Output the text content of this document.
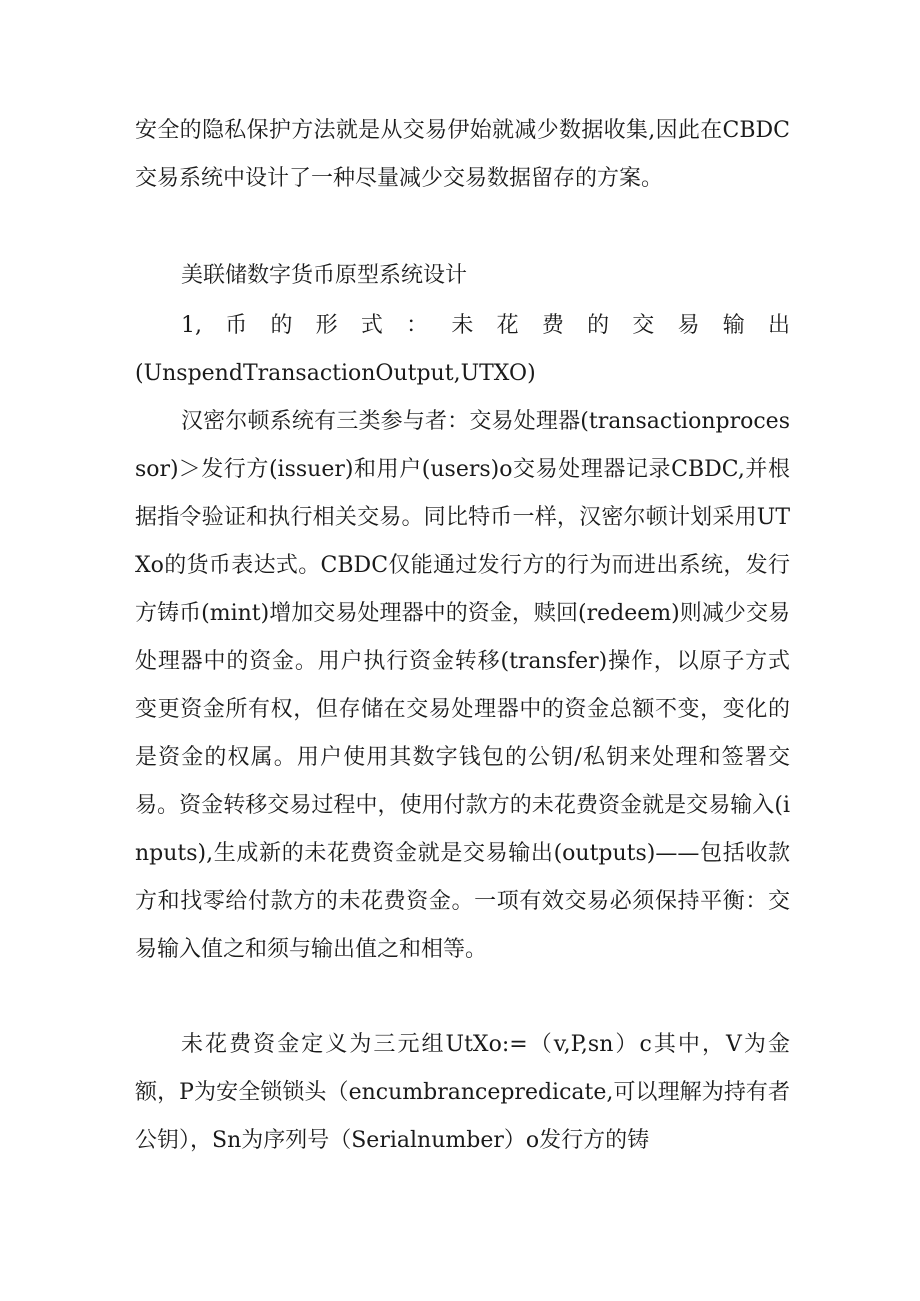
安全的隐私保护方法就是从交易伊始就减少数据收集,因此在CBDC交易系统中设计了一种尽量减少交易数据留存的方案。

美联储数字货币原型系统设计

1,币的形式：未花费的交易输出
(UnspendTransactionOutput,UTXO)

汉密尔顿系统有三类参与者：交易处理器(transactionprocessor)＞发行方(issuer)和用户(users)o交易处理器记录CBDC,并根据指令验证和执行相关交易。同比特币一样，汉密尔顿计划采用UTXo的货币表达式。CBDC仅能通过发行方的行为而进出系统，发行方铸币(mint)增加交易处理器中的资金，赎回(redeem)则减少交易处理器中的资金。用户执行资金转移(transfer)操作，以原子方式变更资金所有权，但存储在交易处理器中的资金总额不变，变化的是资金的权属。用户使用其数字钱包的公钥/私钥来处理和签署交易。资金转移交易过程中，使用付款方的未花费资金就是交易输入(inputs),生成新的未花费资金就是交易输出(outputs)——包括收款方和找零给付款方的未花费资金。一项有效交易必须保持平衡：交易输入值之和须与输出值之和相等。

未花费资金定义为三元组UtXo:=（v,P,sn）c其中，V为金额，P为安全锁锁头（encumbrancepredicate,可以理解为持有者公钥），Sn为序列号（Serialnumber）o发行方的铸
